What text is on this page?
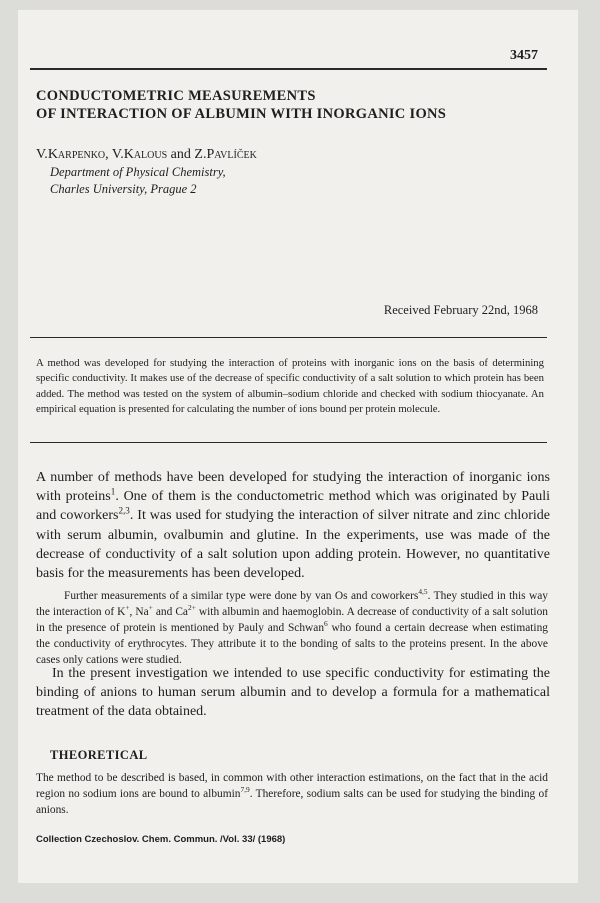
3457
CONDUCTOMETRIC MEASUREMENTS
OF INTERACTION OF ALBUMIN WITH INORGANIC IONS
V.Karpenko, V.Kalous and Z.Pavlíček
Department of Physical Chemistry,
Charles University, Prague 2
Received February 22nd, 1968
A method was developed for studying the interaction of proteins with inorganic ions on the basis of determining specific conductivity. It makes use of the decrease of specific conductivity of a salt solution to which protein has been added. The method was tested on the system of albumin–sodium chloride and checked with sodium thiocyanate. An empirical equation is presented for calculating the number of ions bound per protein molecule.
A number of methods have been developed for studying the interaction of inorganic ions with proteins$^1$. One of them is the conductometric method which was originated by Pauli and coworkers$^{2,3}$. It was used for studying the interaction of silver nitrate and zinc chloride with serum albumin, ovalbumin and glutine. In the experiments, use was made of the decrease of conductivity of a salt solution upon adding protein. However, no quantitative basis for the measurements has been developed.
Further measurements of a similar type were done by van Os and coworkers$^{4,5}$. They studied in this way the interaction of K+, Na+ and $Ca^{2+}$ with albumin and haemoglobin. A decrease of conductivity of a salt solution in the presence of protein is mentioned by Pauly and Schwan$^6$ who found a certain decrease when estimating the conductivity of erythrocytes. They attribute it to the bonding of salts to the proteins present. In the above cases only cations were studied.
In the present investigation we intended to use specific conductivity for estimating the binding of anions to human serum albumin and to develop a formula for a mathematical treatment of the data obtained.
THEORETICAL
The method to be described is based, in common with other interaction estimations, on the fact that in the acid region no sodium ions are bound to albumin$^{7,9}$. Therefore, sodium salts can be used for studying the binding of anions.
Collection Czechoslov. Chem. Commun. /Vol. 33/ (1968)
